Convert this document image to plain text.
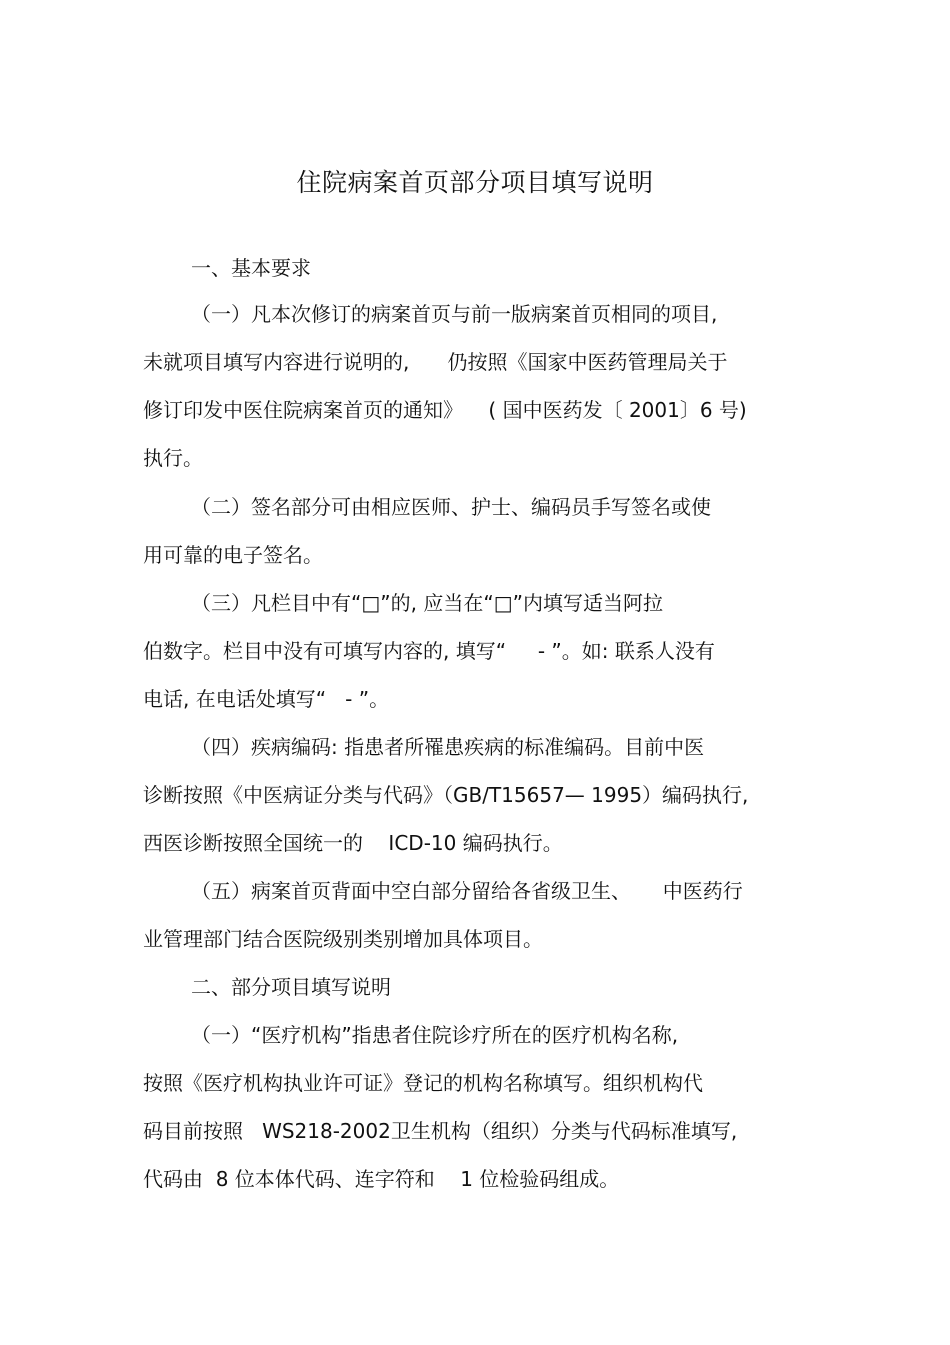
住院病案首页部分项目填写说明
一、基本要求
（一）凡本次修订的病案首页与前一版病案首页相同的项目,
未就项目填写内容进行说明的,      仍按照《国家中医药管理局关于
修订印发中医住院病案首页的通知》    ( 国中医药发〔 2001〕6 号)
执行。
（二）签名部分可由相应医师、护士、编码员手写签名或使
用可靠的电子签名。
（三）凡栏目中有“□”的, 应当在“□”内填写适当阿拉
伯数字。栏目中没有可填写内容的, 填写“     - ”。如: 联系人没有
电话, 在电话处填写“   - ”。
（四）疾病编码: 指患者所罹患疾病的标准编码。目前中医
诊断按照《中医病证分类与代码》（GB/T15657— 1995）编码执行,
西医诊断按照全国统一的    ICD-10 编码执行。
（五）病案首页背面中空白部分留给各省级卫生、     中医药行
业管理部门结合医院级别类别增加具体项目。
二、部分项目填写说明
（一）“医疗机构”指患者住院诊疗所在的医疗机构名称,
按照《医疗机构执业许可证》登记的机构名称填写。组织机构代
码目前按照   WS218-2002卫生机构（组织）分类与代码标准填写,
代码由  8 位本体代码、连字符和    1 位检验码组成。
